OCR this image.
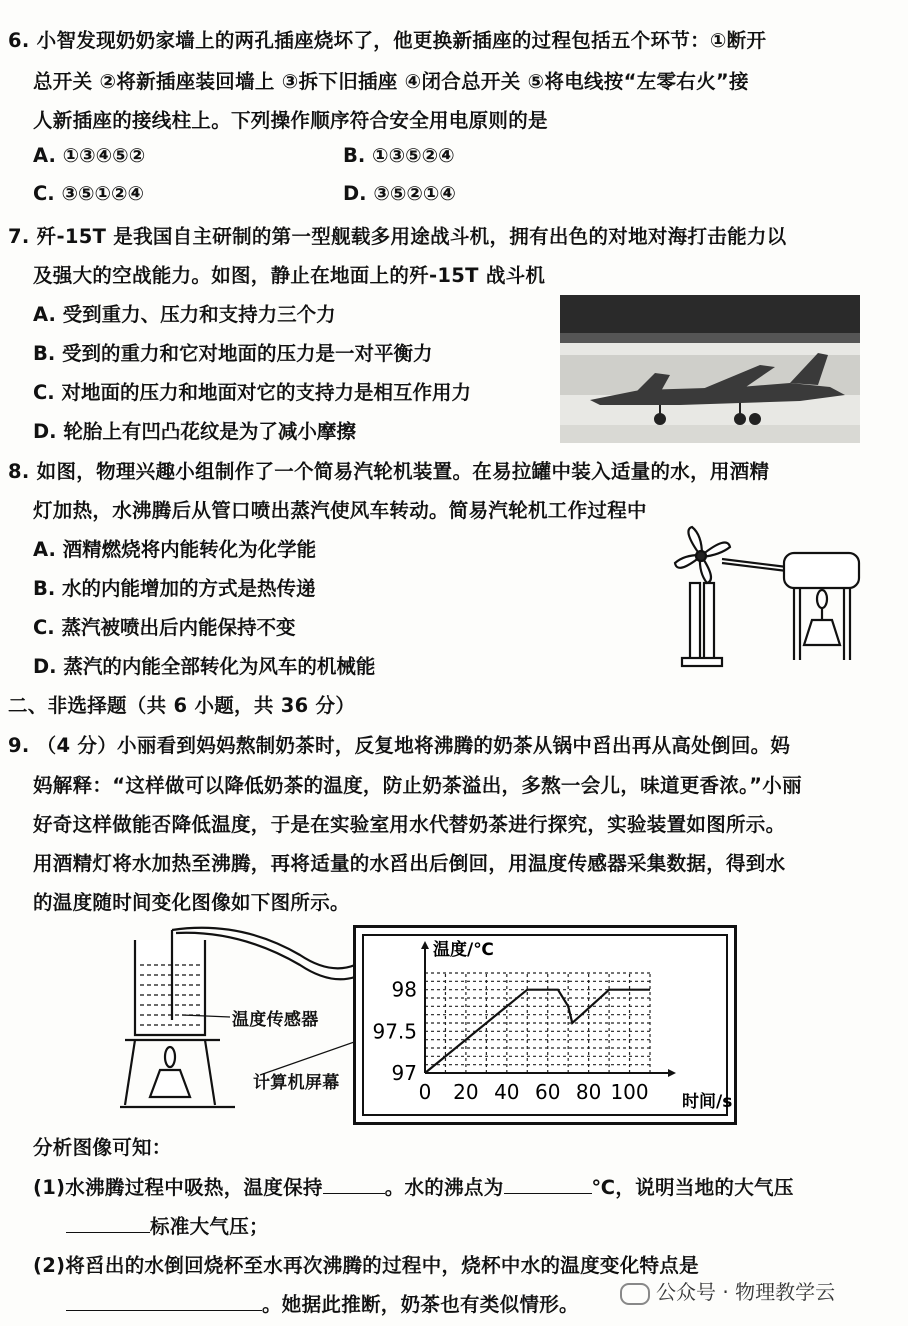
6. 小智发现奶奶家墙上的两孔插座烧坏了，他更换新插座的过程包括五个环节：①断开
总开关 ②将新插座装回墙上 ③拆下旧插座 ④闭合总开关 ⑤将电线按“左零右火”接
人新插座的接线柱上。下列操作顺序符合安全用电原则的是
A. ①③④⑤②	B. ①③⑤②④
C. ③⑤①②④	D. ③⑤②①④
7. 歼-15T 是我国自主研制的第一型舰载多用途战斗机，拥有出色的对地对海打击能力以
及强大的空战能力。如图，静止在地面上的歼-15T 战斗机
A. 受到重力、压力和支持力三个力
B. 受到的重力和它对地面的压力是一对平衡力
C. 对地面的压力和地面对它的支持力是相互作用力
D. 轮胎上有凹凸花纹是为了减小摩擦
8. 如图，物理兴趣小组制作了一个简易汽轮机装置。在易拉罐中装入适量的水，用酒精
灯加热，水沸腾后从管口喷出蒸汽使风车转动。简易汽轮机工作过程中
A. 酒精燃烧将内能转化为化学能
B. 水的内能增加的方式是热传递
C. 蒸汽被喷出后内能保持不变
D. 蒸汽的内能全部转化为风车的机械能
二、非选择题（共 6 小题，共 36 分）
9. （4 分）小丽看到妈妈熬制奶茶时，反复地将沸腾的奶茶从锅中舀出再从高处倒回。妈
妈解释：“这样做可以降低奶茶的温度，防止奶茶溢出，多熬一会儿，味道更香浓。”小丽
好奇这样做能否降低温度，于是在实验室用水代替奶茶进行探究，实验装置如图所示。
用酒精灯将水加热至沸腾，再将适量的水舀出后倒回，用温度传感器采集数据，得到水
的温度随时间变化图像如下图所示。
温度传感器
计算机屏幕
温度/℃
时间/s
0 20 40 60 80 100
97
97.5
98
分析图像可知：
(1)水沸腾过程中吸热，温度保持	。水的沸点为	℃，说明当地的大气压
标准大气压；
(2)将舀出的水倒回烧杯至水再次沸腾的过程中，烧杯中水的温度变化特点是
。她据此推断，奶茶也有类似情形。
公众号 · 物理教学云
